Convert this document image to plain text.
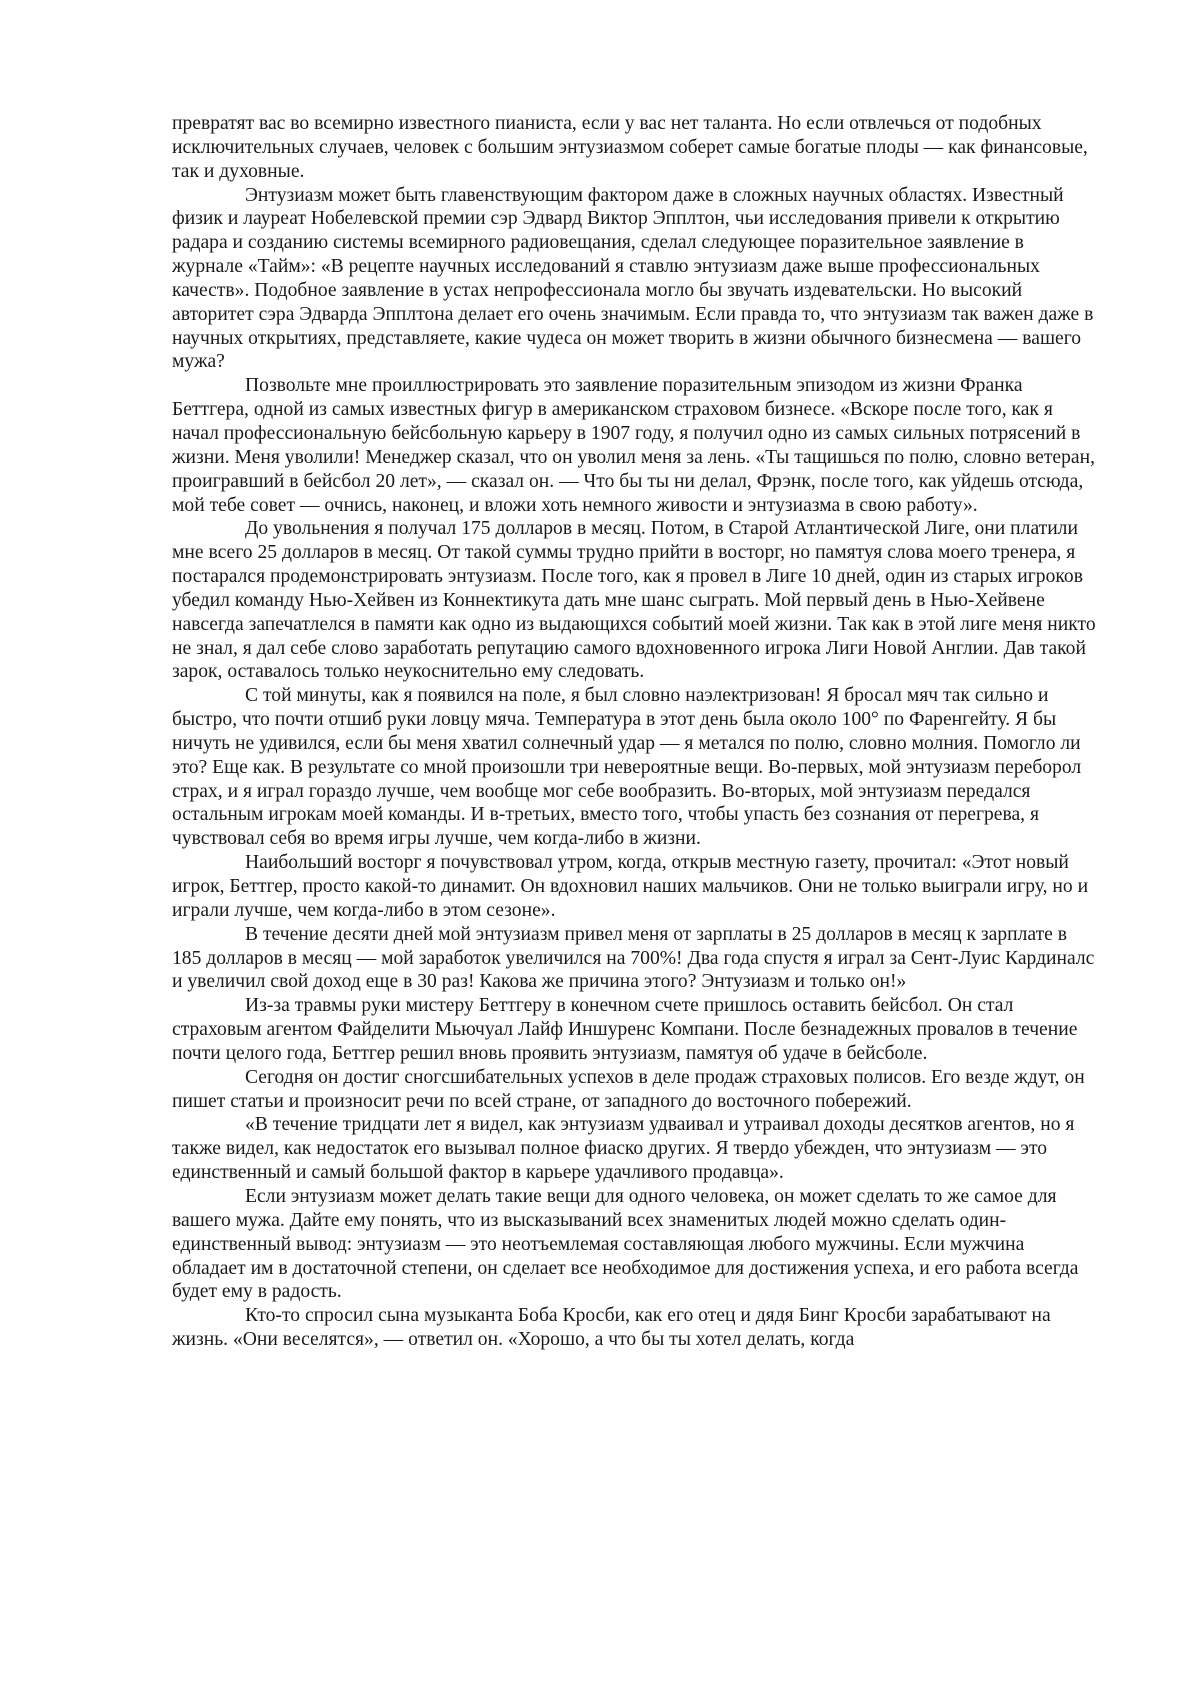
превратят вас во всемирно известного пианиста, если у вас нет таланта. Но если отвлечься от подобных исключительных случаев, человек с большим энтузиазмом соберет самые богатые плоды — как финансовые, так и духовные.

Энтузиазм может быть главенствующим фактором даже в сложных научных областях. Известный физик и лауреат Нобелевской премии сэр Эдвард Виктор Эпплтон, чьи исследования привели к открытию радара и созданию системы всемирного радиовещания, сделал следующее поразительное заявление в журнале «Тайм»: «В рецепте научных исследований я ставлю энтузиазм даже выше профессиональных качеств». Подобное заявление в устах непрофессионала могло бы звучать издевательски. Но высокий авторитет сэра Эдварда Эпплтона делает его очень значимым. Если правда то, что энтузиазм так важен даже в научных открытиях, представляете, какие чудеса он может творить в жизни обычного бизнесмена — вашего мужа?

Позвольте мне проиллюстрировать это заявление поразительным эпизодом из жизни Франка Беттгера, одной из самых известных фигур в американском страховом бизнесе. «Вскоре после того, как я начал профессиональную бейсбольную карьеру в 1907 году, я получил одно из самых сильных потрясений в жизни. Меня уволили! Менеджер сказал, что он уволил меня за лень. «Ты тащишься по полю, словно ветеран, проигравший в бейсбол 20 лет», — сказал он. — Что бы ты ни делал, Фрэнк, после того, как уйдешь отсюда, мой тебе совет — очнись, наконец, и вложи хоть немного живости и энтузиазма в свою работу».

До увольнения я получал 175 долларов в месяц. Потом, в Старой Атлантической Лиге, они платили мне всего 25 долларов в месяц. От такой суммы трудно прийти в восторг, но памятуя слова моего тренера, я постарался продемонстрировать энтузиазм. После того, как я провел в Лиге 10 дней, один из старых игроков убедил команду Нью-Хейвен из Коннектикута дать мне шанс сыграть. Мой первый день в Нью-Хейвене навсегда запечатлелся в памяти как одно из выдающихся событий моей жизни. Так как в этой лиге меня никто не знал, я дал себе слово заработать репутацию самого вдохновенного игрока Лиги Новой Англии. Дав такой зарок, оставалось только неукоснительно ему следовать.

С той минуты, как я появился на поле, я был словно наэлектризован! Я бросал мяч так сильно и быстро, что почти отшиб руки ловцу мяча. Температура в этот день была около 100° по Фаренгейту. Я бы ничуть не удивился, если бы меня хватил солнечный удар — я метался по полю, словно молния. Помогло ли это? Еще как. В результате со мной произошли три невероятные вещи. Во-первых, мой энтузиазм переборол страх, и я играл гораздо лучше, чем вообще мог себе вообразить. Во-вторых, мой энтузиазм передался остальным игрокам моей команды. И в-третьих, вместо того, чтобы упасть без сознания от перегрева, я чувствовал себя во время игры лучше, чем когда-либо в жизни.

Наибольший восторг я почувствовал утром, когда, открыв местную газету, прочитал: «Этот новый игрок, Беттгер, просто какой-то динамит. Он вдохновил наших мальчиков. Они не только выиграли игру, но и играли лучше, чем когда-либо в этом сезоне».

В течение десяти дней мой энтузиазм привел меня от зарплаты в 25 долларов в месяц к зарплате в 185 долларов в месяц — мой заработок увеличился на 700%! Два года спустя я играл за Сент-Луис Кардиналс и увеличил свой доход еще в 30 раз! Какова же причина этого? Энтузиазм и только он!»

Из-за травмы руки мистеру Беттгеру в конечном счете пришлось оставить бейсбол. Он стал страховым агентом Файделити Мьючуал Лайф Иншуренс Компани. После безнадежных провалов в течение почти целого года, Беттгер решил вновь проявить энтузиазм, памятуя об удаче в бейсболе.

Сегодня он достиг сногсшибательных успехов в деле продаж страховых полисов. Его везде ждут, он пишет статьи и произносит речи по всей стране, от западного до восточного побережий.

«В течение тридцати лет я видел, как энтузиазм удваивал и утраивал доходы десятков агентов, но я также видел, как недостаток его вызывал полное фиаско других. Я твердо убежден, что энтузиазм — это единственный и самый большой фактор в карьере удачливого продавца».

Если энтузиазм может делать такие вещи для одного человека, он может сделать то же самое для вашего мужа. Дайте ему понять, что из высказываний всех знаменитых людей можно сделать один-единственный вывод: энтузиазм — это неотъемлемая составляющая любого мужчины. Если мужчина обладает им в достаточной степени, он сделает все необходимое для достижения успеха, и его работа всегда будет ему в радость.

Кто-то спросил сына музыканта Боба Кросби, как его отец и дядя Бинг Кросби зарабатывают на жизнь. «Они веселятся», — ответил он. «Хорошо, а что бы ты хотел делать, когда
